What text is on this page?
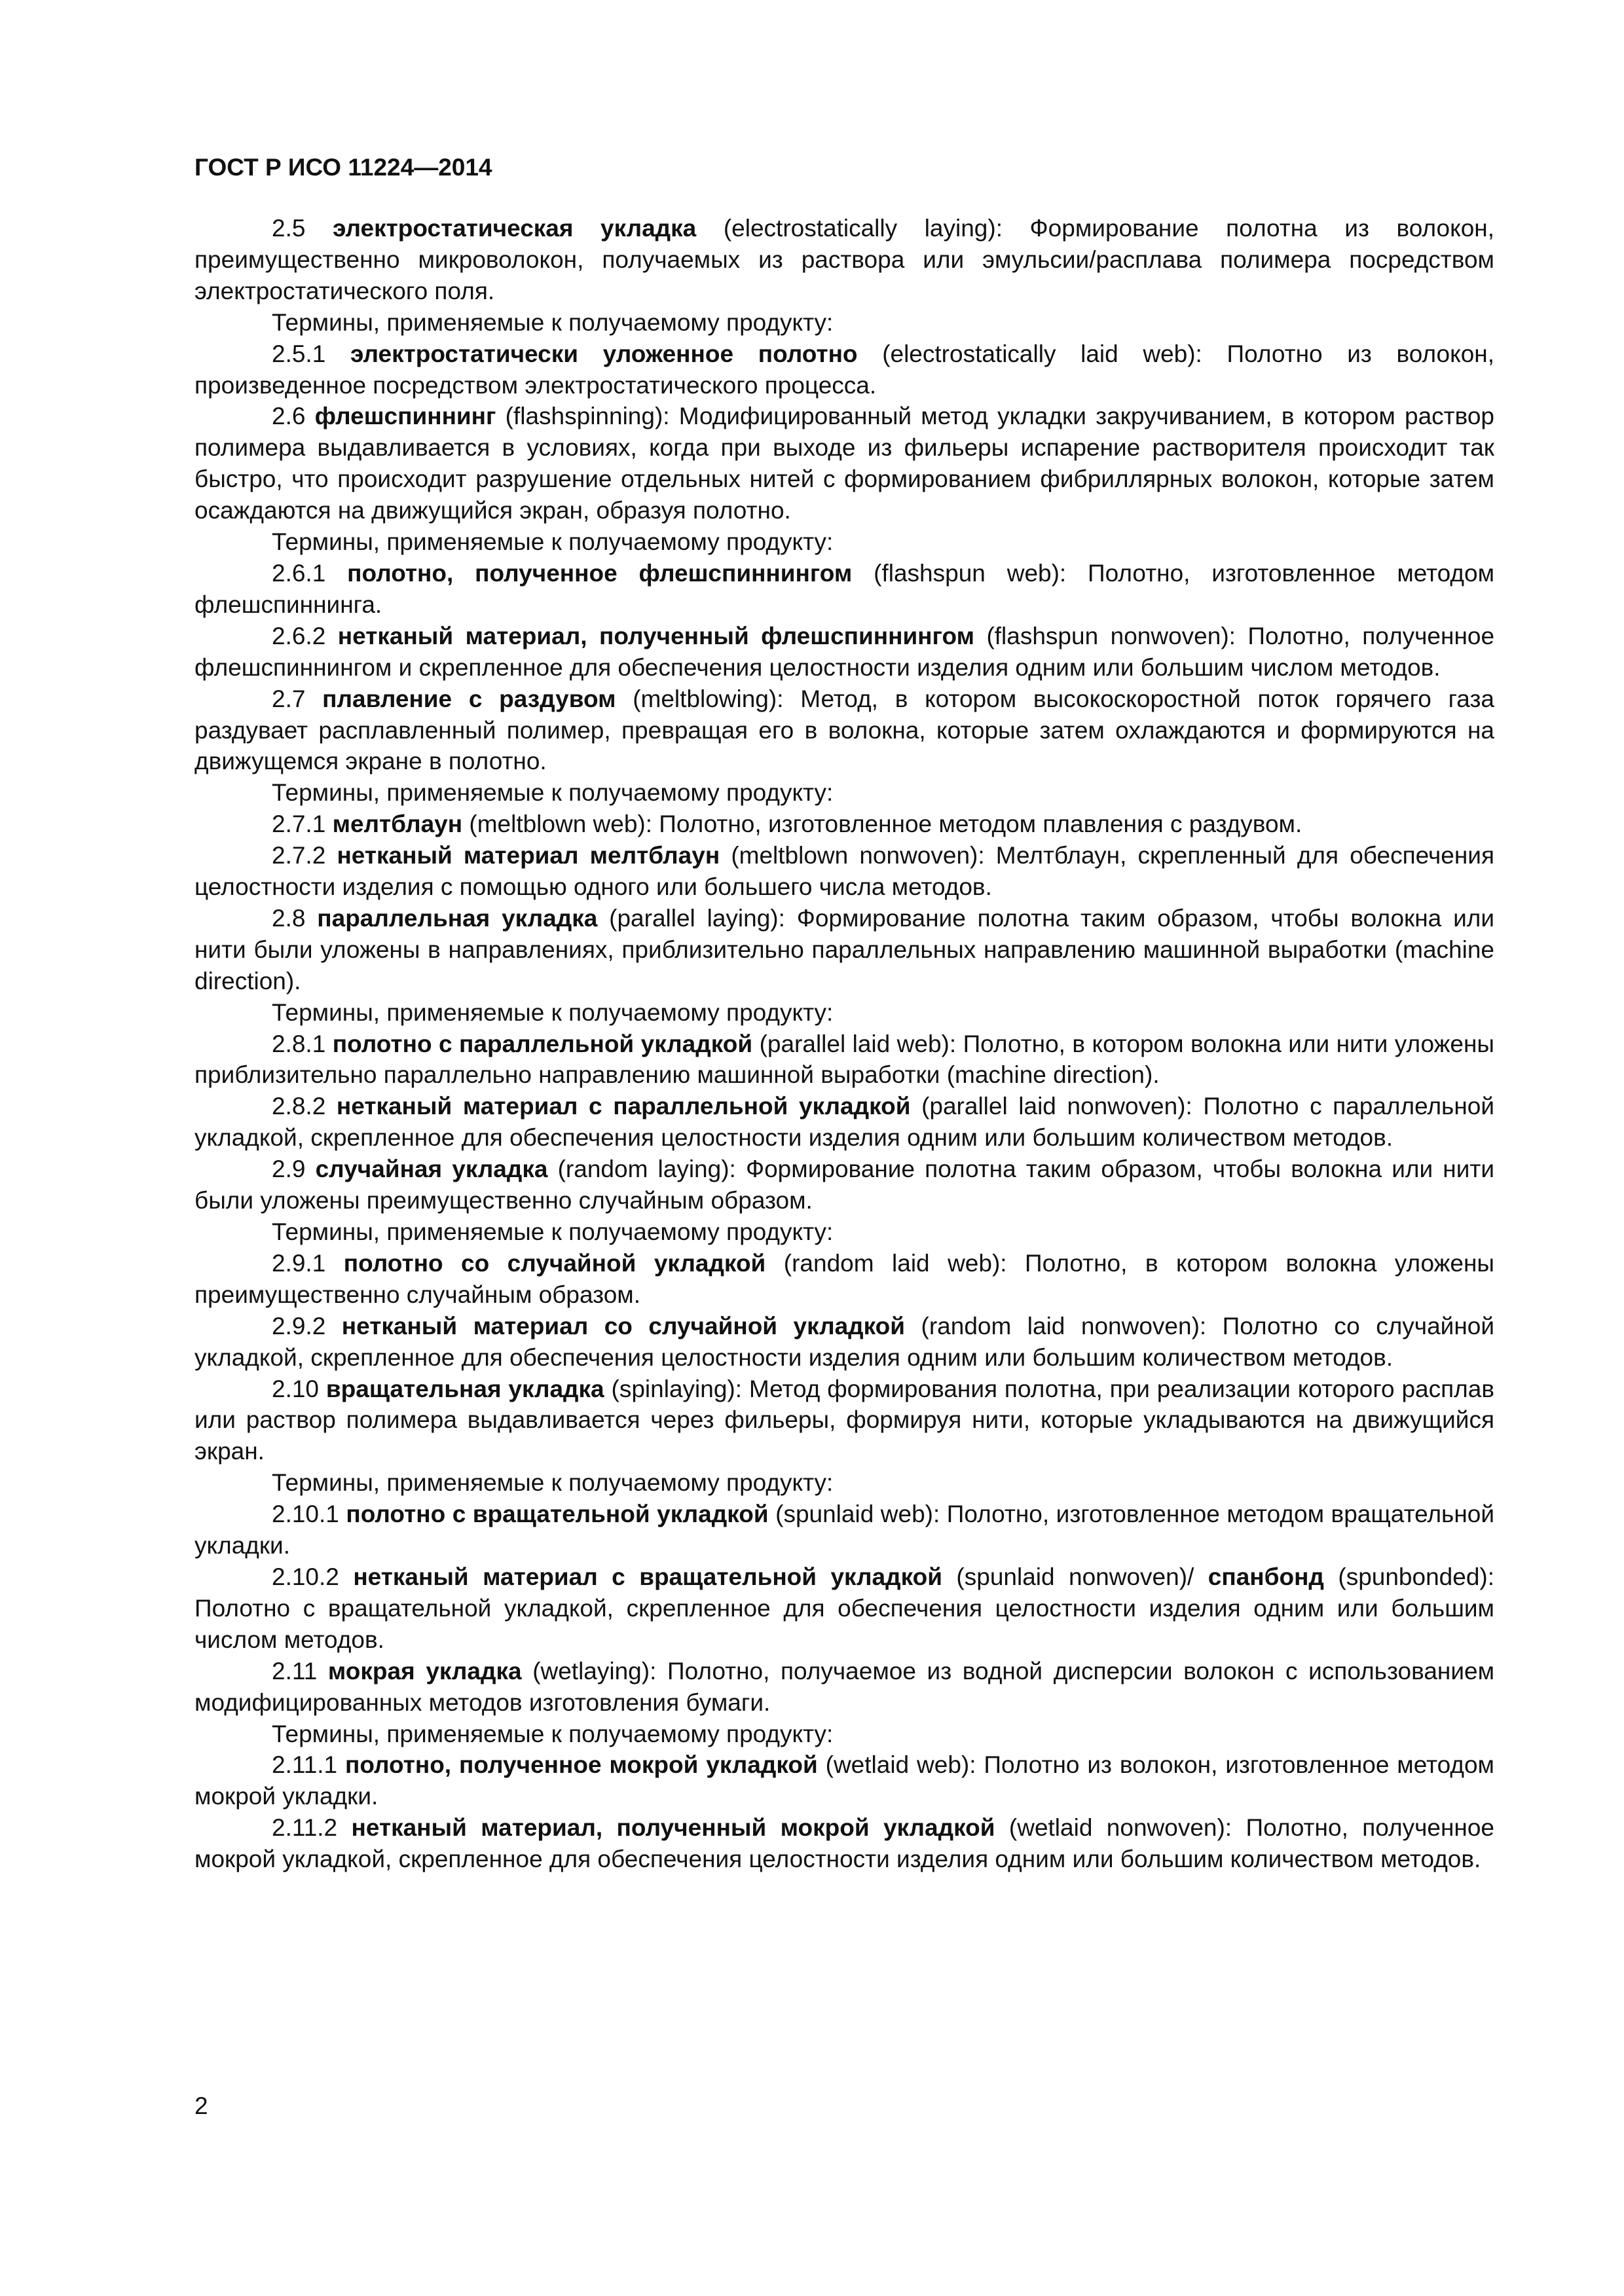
ГОСТ Р ИСО 11224—2014

2.5 электростатическая укладка (electrostatically laying): Формирование полотна из волокон, преимущественно микроволокон, получаемых из раствора или эмульсии/расплава полимера посредством электростатического поля.

Термины, применяемые к получаемому продукту:

2.5.1 электростатически уложенное полотно (electrostatically laid web): Полотно из волокон, произведенное посредством электростатического процесса.

2.6 флешспиннинг (flashspinning): Модифицированный метод укладки закручиванием, в котором раствор полимера выдавливается в условиях, когда при выходе из фильеры испарение растворителя происходит так быстро, что происходит разрушение отдельных нитей с формированием фибриллярных волокон, которые затем осаждаются на движущийся экран, образуя полотно.

Термины, применяемые к получаемому продукту:

2.6.1 полотно, полученное флешспиннингом (flashspun web): Полотно, изготовленное методом флешспиннинга.

2.6.2 нетканый материал, полученный флешспиннингом (flashspun nonwoven): Полотно, полученное флешспиннингом и скрепленное для обеспечения целостности изделия одним или большим числом методов.

2.7 плавление с раздувом (meltblowing): Метод, в котором высокоскоростной поток горячего газа раздувает расплавленный полимер, превращая его в волокна, которые затем охлаждаются и формируются на движущемся экране в полотно.

Термины, применяемые к получаемому продукту:

2.7.1 мелтблаун (meltblown web): Полотно, изготовленное методом плавления с раздувом.

2.7.2 нетканый материал мелтблаун (meltblown nonwoven): Мелтблаун, скрепленный для обеспечения целостности изделия с помощью одного или большего числа методов.

2.8 параллельная укладка (parallel laying): Формирование полотна таким образом, чтобы волокна или нити были уложены в направлениях, приблизительно параллельных направлению машинной выработки (machine direction).

Термины, применяемые к получаемому продукту:

2.8.1 полотно с параллельной укладкой (parallel laid web): Полотно, в котором волокна или нити уложены приблизительно параллельно направлению машинной выработки (machine direction).

2.8.2 нетканый материал с параллельной укладкой (parallel laid nonwoven): Полотно с параллельной укладкой, скрепленное для обеспечения целостности изделия одним или большим количеством методов.

2.9 случайная укладка (random laying): Формирование полотна таким образом, чтобы волокна или нити были уложены преимущественно случайным образом.

Термины, применяемые к получаемому продукту:

2.9.1 полотно со случайной укладкой (random laid web): Полотно, в котором волокна уложены преимущественно случайным образом.

2.9.2 нетканый материал со случайной укладкой (random laid nonwoven): Полотно со случайной укладкой, скрепленное для обеспечения целостности изделия одним или большим количеством методов.

2.10 вращательная укладка (spinlaying): Метод формирования полотна, при реализации которого расплав или раствор полимера выдавливается через фильеры, формируя нити, которые укладываются на движущийся экран.

Термины, применяемые к получаемому продукту:

2.10.1 полотно с вращательной укладкой (spunlaid web): Полотно, изготовленное методом вращательной укладки.

2.10.2 нетканый материал с вращательной укладкой (spunlaid nonwoven)/ спанбонд (spunbonded): Полотно с вращательной укладкой, скрепленное для обеспечения целостности изделия одним или большим числом методов.

2.11 мокрая укладка (wetlaying): Полотно, получаемое из водной дисперсии волокон с использованием модифицированных методов изготовления бумаги.

Термины, применяемые к получаемому продукту:

2.11.1 полотно, полученное мокрой укладкой (wetlaid web): Полотно из волокон, изготовленное методом мокрой укладки.

2.11.2 нетканый материал, полученный мокрой укладкой (wetlaid nonwoven): Полотно, полученное мокрой укладкой, скрепленное для обеспечения целостности изделия одним или большим количеством методов.

2
